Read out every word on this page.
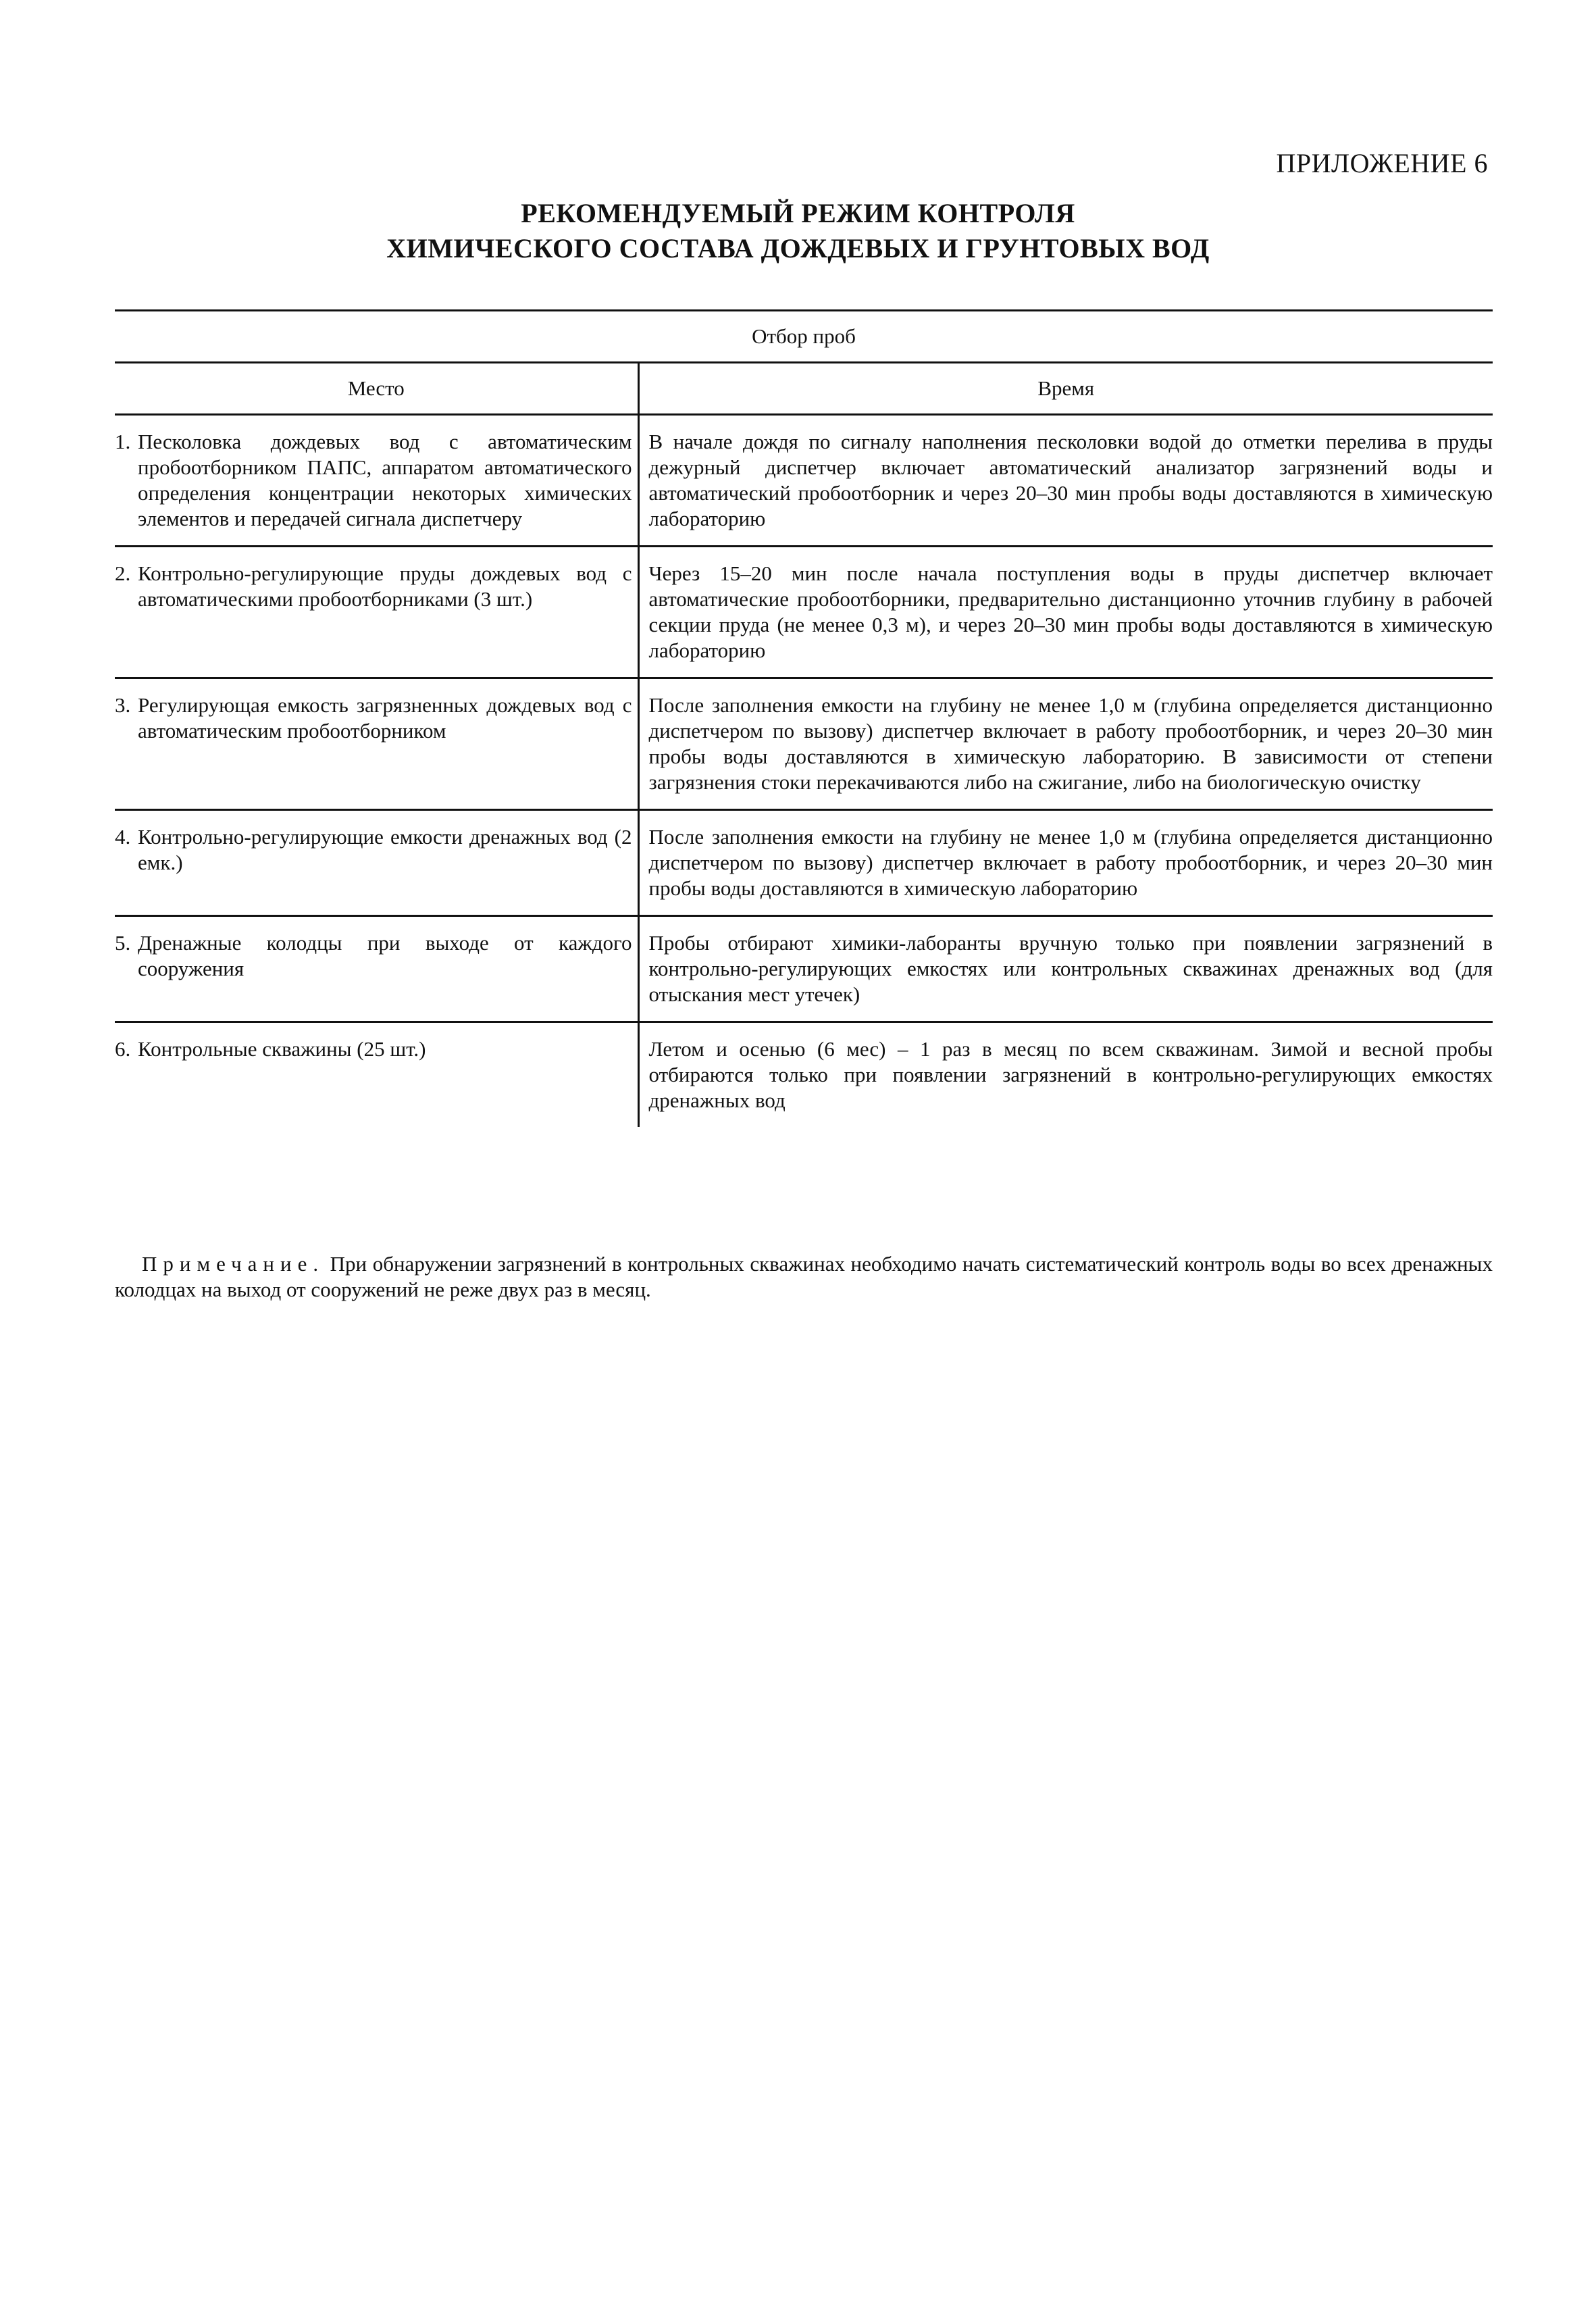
ПРИЛОЖЕНИЕ 6
РЕКОМЕНДУЕМЫЙ РЕЖИМ КОНТРОЛЯ
ХИМИЧЕСКОГО СОСТАВА ДОЖДЕВЫХ И ГРУНТОВЫХ ВОД
Отбор проб	
Место	Время

1. Песколовка дождевых вод с автоматическим пробоотборником ПАПС, аппаратом автоматического определения концентрации некоторых химических элементов и передачей сигнала диспетчеру	В начале дождя по сигналу наполнения песколовки водой до отметки перелива в пруды дежурный диспетчер включает автоматический анализатор загрязнений воды и автоматический пробоотборник и через 20–30 мин пробы воды доставляются в химическую лабораторию

2. Контрольно-регулирующие пруды дождевых вод с автоматическими пробоотборниками (3 шт.)	Через 15–20 мин после начала поступления воды в пруды диспетчер включает автоматические пробоотборники, предварительно дистанционно уточнив глубину в рабочей секции пруда (не менее 0,3 м), и через 20–30 мин пробы воды доставляются в химическую лабораторию

3. Регулирующая емкость загрязненных дождевых вод с автоматическим пробоотборником	После заполнения емкости на глубину не менее 1,0 м (глубина определяется дистанционно диспетчером по вызову) диспетчер включает в работу пробоотборник, и через 20–30 мин пробы воды доставляются в химическую лабораторию. В зависимости от степени загрязнения стоки перекачиваются либо на сжигание, либо на биологическую очистку

4. Контрольно-регулирующие емкости дренажных вод (2 емк.)	После заполнения емкости на глубину не менее 1,0 м (глубина определяется дистанционно диспетчером по вызову) диспетчер включает в работу пробоотборник, и через 20–30 мин пробы воды доставляются в химическую лабораторию

5. Дренажные колодцы при выходе от каждого сооружения	Пробы отбирают химики-лаборанты вручную только при появлении загрязнений в контрольно-регулирующих емкостях или контрольных скважинах дренажных вод (для отыскания мест утечек)

6. Контрольные скважины (25 шт.)	Летом и осенью (6 мес) – 1 раз в месяц по всем скважинам. Зимой и весной пробы отбираются только при появлении загрязнений в контрольно-регулирующих емкостях дренажных вод
Примечание. При обнаружении загрязнений в контрольных скважинах необходимо начать систематический контроль воды во всех дренажных колодцах на выход от сооружений не реже двух раз в месяц.
